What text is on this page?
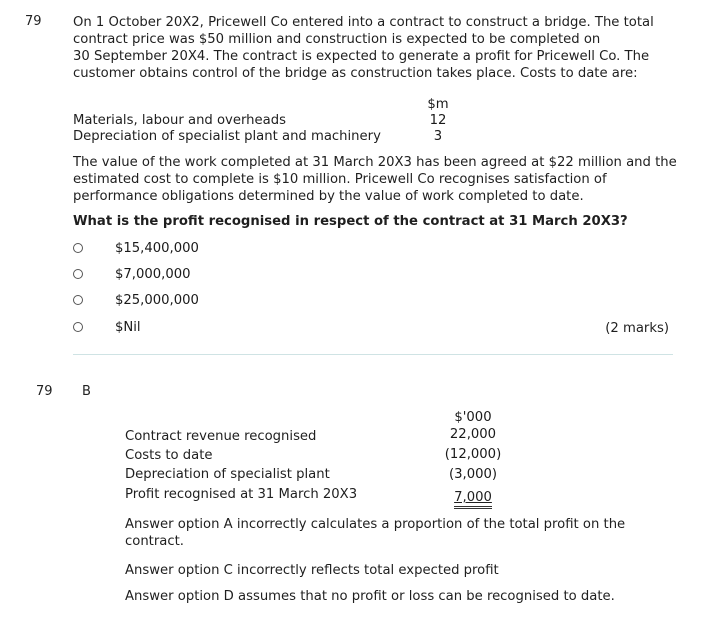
79 On 1 October 20X2, Pricewell Co entered into a contract to construct a bridge. The total
contract price was $50 million and construction is expected to be completed on
30 September 20X4. The contract is expected to generate a profit for Pricewell Co. The
customer obtains control of the bridge as construction takes place. Costs to date are:
$m
Materials, labour and overheads	12
Depreciation of specialist plant and machinery	3
The value of the work completed at 31 March 20X3 has been agreed at $22 million and the
estimated cost to complete is $10 million. Pricewell Co recognises satisfaction of
performance obligations determined by the value of work completed to date.
What is the profit recognised in respect of the contract at 31 March 20X3?
$15,400,000
$7,000,000
$25,000,000
$Nil	(2 marks)
79 B
$'000
Contract revenue recognised	22,000
Costs to date	(12,000)
Depreciation of specialist plant	(3,000)
Profit recognised at 31 March 20X3	7,000
Answer option A incorrectly calculates a proportion of the total profit on the
contract.
Answer option C incorrectly reflects total expected profit
Answer option D assumes that no profit or loss can be recognised to date.
